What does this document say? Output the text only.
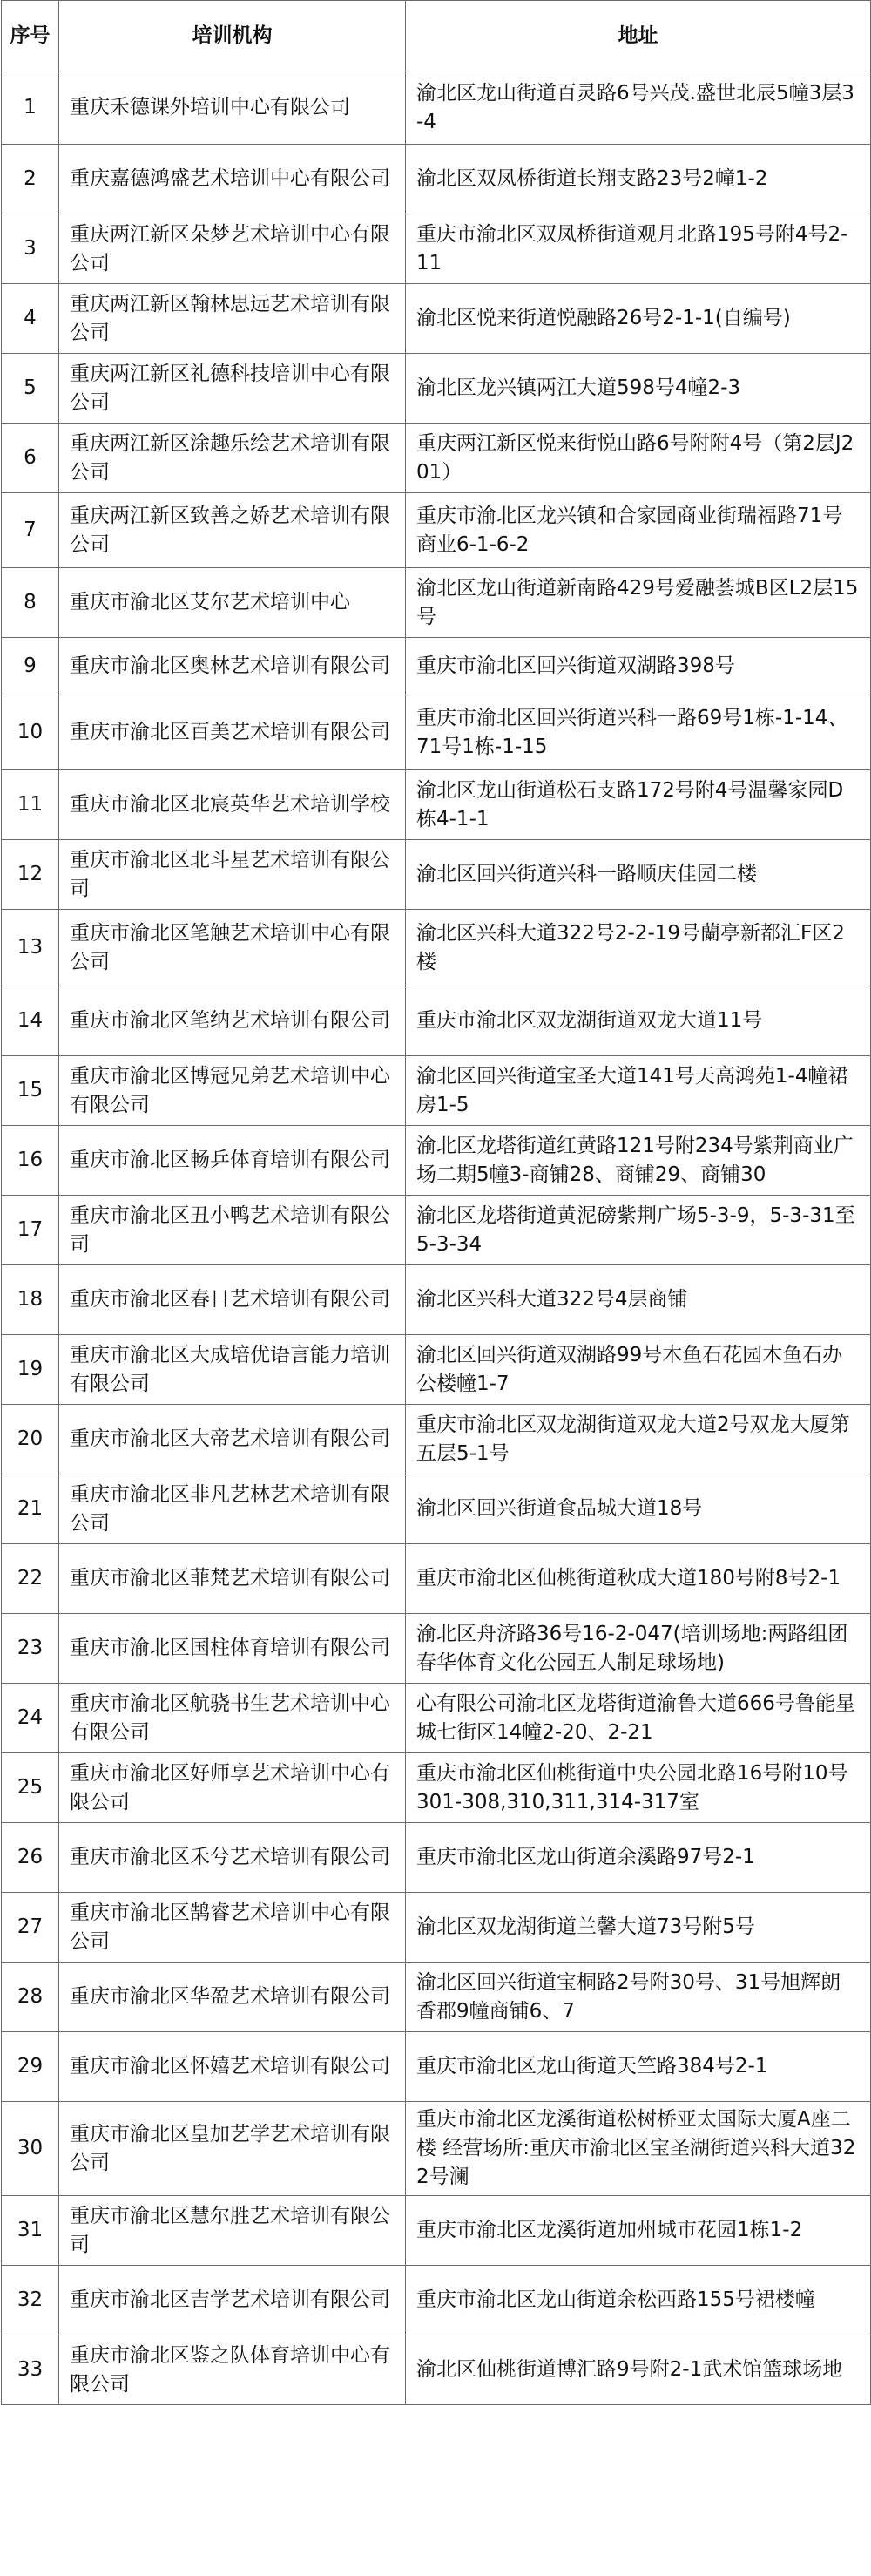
序号	培训机构	地址
1	重庆禾德课外培训中心有限公司	渝北区龙山街道百灵路6号兴茂.盛世北辰5幢3层3-4
2	重庆嘉德鸿盛艺术培训中心有限公司	渝北区双凤桥街道长翔支路23号2幢1-2
3	重庆两江新区朵梦艺术培训中心有限公司	重庆市渝北区双凤桥街道观月北路195号附4号2-11
4	重庆两江新区翰林思远艺术培训有限公司	渝北区悦来街道悦融路26号2-1-1(自编号)
5	重庆两江新区礼德科技培训中心有限公司	渝北区龙兴镇两江大道598号4幢2-3
6	重庆两江新区涂趣乐绘艺术培训有限公司	重庆两江新区悦来街悦山路6号附附4号（第2层J201）
7	重庆两江新区致善之娇艺术培训有限公司	重庆市渝北区龙兴镇和合家园商业街瑞福路71号商业6-1-6-2
8	重庆市渝北区艾尔艺术培训中心	渝北区龙山街道新南路429号爱融荟城B区L2层15号
9	重庆市渝北区奥林艺术培训有限公司	重庆市渝北区回兴街道双湖路398号
10	重庆市渝北区百美艺术培训有限公司	重庆市渝北区回兴街道兴科一路69号1栋-1-14、71号1栋-1-15
11	重庆市渝北区北宸英华艺术培训学校	渝北区龙山街道松石支路172号附4号温馨家园D栋4-1-1
12	重庆市渝北区北斗星艺术培训有限公司	渝北区回兴街道兴科一路顺庆佳园二楼
13	重庆市渝北区笔触艺术培训中心有限公司	渝北区兴科大道322号2-2-19号蘭亭新都汇F区2楼
14	重庆市渝北区笔纳艺术培训有限公司	重庆市渝北区双龙湖街道双龙大道11号
15	重庆市渝北区博冠兄弟艺术培训中心有限公司	渝北区回兴街道宝圣大道141号天高鸿苑1-4幢裙房1-5
16	重庆市渝北区畅乒体育培训有限公司	渝北区龙塔街道红黄路121号附234号紫荆商业广场二期5幢3-商铺28、商铺29、商铺30
17	重庆市渝北区丑小鸭艺术培训有限公司	渝北区龙塔街道黄泥磅紫荆广场5-3-9，5-3-31至5-3-34
18	重庆市渝北区春日艺术培训有限公司	渝北区兴科大道322号4层商铺
19	重庆市渝北区大成培优语言能力培训有限公司	渝北区回兴街道双湖路99号木鱼石花园木鱼石办公楼幢1-7
20	重庆市渝北区大帝艺术培训有限公司	重庆市渝北区双龙湖街道双龙大道2号双龙大厦第五层5-1号
21	重庆市渝北区非凡艺林艺术培训有限公司	渝北区回兴街道食品城大道18号
22	重庆市渝北区菲梵艺术培训有限公司	重庆市渝北区仙桃街道秋成大道180号附8号2-1
23	重庆市渝北区国柱体育培训有限公司	渝北区舟济路36号16-2-047(培训场地:两路组团春华体育文化公园五人制足球场地)
24	重庆市渝北区航骁书生艺术培训中心有限公司	心有限公司渝北区龙塔街道渝鲁大道666号鲁能星城七街区14幢2-20、2-21
25	重庆市渝北区好师享艺术培训中心有限公司	重庆市渝北区仙桃街道中央公园北路16号附10号301-308,310,311,314-317室
26	重庆市渝北区禾兮艺术培训有限公司	重庆市渝北区龙山街道余溪路97号2-1
27	重庆市渝北区鹄睿艺术培训中心有限公司	渝北区双龙湖街道兰馨大道73号附5号
28	重庆市渝北区华盈艺术培训有限公司	渝北区回兴街道宝桐路2号附30号、31号旭辉朗香郡9幢商铺6、7
29	重庆市渝北区怀嬉艺术培训有限公司	重庆市渝北区龙山街道天竺路384号2-1
30	重庆市渝北区皇加艺学艺术培训有限公司	重庆市渝北区龙溪街道松树桥亚太国际大厦A座二楼 经营场所:重庆市渝北区宝圣湖街道兴科大道322号澜
31	重庆市渝北区慧尔胜艺术培训有限公司	重庆市渝北区龙溪街道加州城市花园1栋1-2
32	重庆市渝北区吉学艺术培训有限公司	重庆市渝北区龙山街道余松西路155号裙楼幢
33	重庆市渝北区鉴之队体育培训中心有限公司	渝北区仙桃街道博汇路9号附2-1武术馆篮球场地
